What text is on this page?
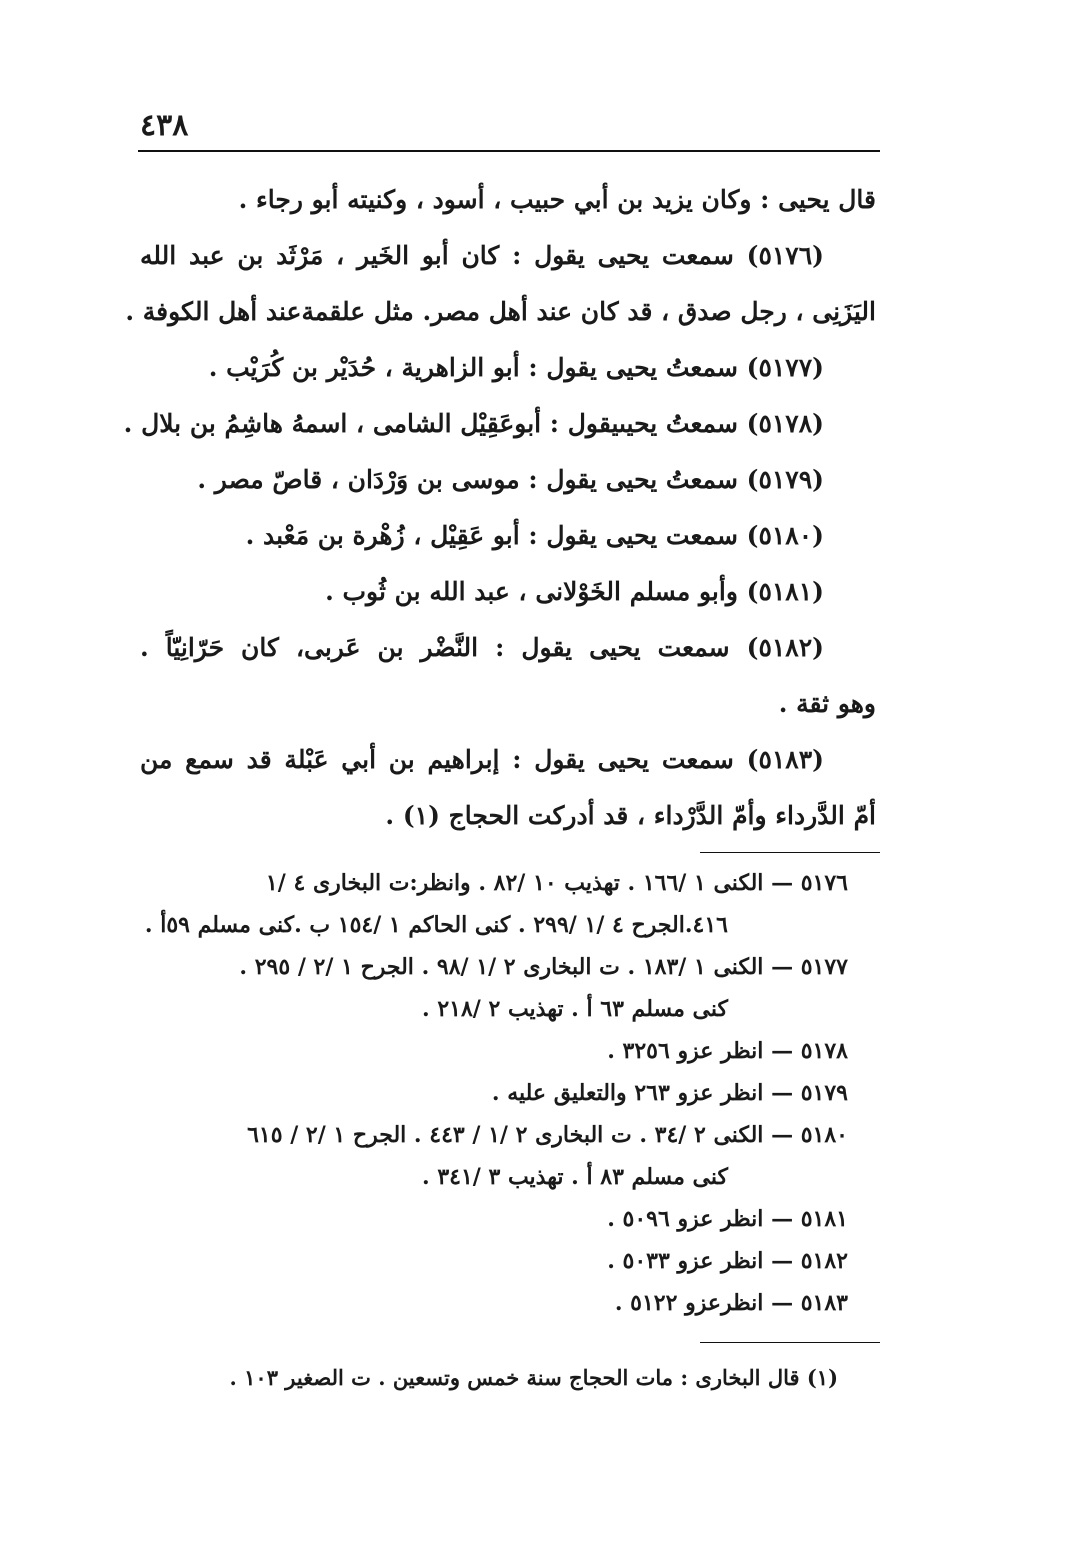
٤٣٨

قال يحيى : وكان يزيد بن أبي حبيب ، أسود ، وكنيته أبو رجاء .

(٥١٧٦) سمعت يحيى يقول : كان أبو الخَير ، مَرْثَد بن عبد الله

اليَزَنِى ، رجل صدق ، قد كان عند أهل مصر. مثل علقمةعند أهل الكوفة .

(٥١٧٧) سمعتُ يحيى يقول : أبو الزاهرية ، حُدَيْر بن كُرَيْب .

(٥١٧٨) سمعتُ يحيىيقول : أبوعَقِيْل الشامى ، اسمهُ هاشِمُ بن بلال .

(٥١٧٩) سمعتُ يحيى يقول : موسى بن وَرْدَان ، قاصّ مصر .

(٥١٨٠) سمعت يحيى يقول : أبو عَقِيْل ، زُهْرة بن مَعْبد .

(٥١٨١) وأبو مسلم الخَوْلانى ، عبد الله بن ثُوب .

(٥١٨٢) سمعت يحيى يقول : النَّضْر بن عَربى، كان حَرّانِيّاً .

وهو ثقة .

(٥١٨٣) سمعت يحيى يقول : إبراهيم بن أبي عَبْلة قد سمع من

أمّ الدَّرداء وأمّ الدَّرْداء ، قد أدركت الحجاج (١) .

٥١٧٦ — الكنى ١ /١٦٦ . تهذيب ١٠ /٨٢ . وانظر:ت البخارى ٤ /١

٤١٦.الجرح ٤ /١ /٢٩٩ . كنى الحاكم ١ /١٥٤ ب .كنى مسلم ٥٩أ .

٥١٧٧ — الكنى ١ /١٨٣ . ت البخارى ٢ /١ /٩٨ . الجرح ١ /٢ / ٢٩٥ .

كنى مسلم ٦٣ أ . تهذيب ٢ /٢١٨ .

٥١٧٨ — انظر عزو ٣٢٥٦ .

٥١٧٩ — انظر عزو ٢٦٣ والتعليق عليه .

٥١٨٠ — الكنى ٢ /٣٤ . ت البخارى ٢ /١ / ٤٤٣ . الجرح ١ /٢ / ٦١٥

كنى مسلم ٨٣ أ . تهذيب ٣ /٣٤١ .

٥١٨١ — انظر عزو ٥٠٩٦ .

٥١٨٢ — انظر عزو ٥٠٣٣ .

٥١٨٣ — انظرعزو ٥١٢٢ .

(١) قال البخارى : مات الحجاج سنة خمس وتسعين . ت الصغير ١٠٣ .
